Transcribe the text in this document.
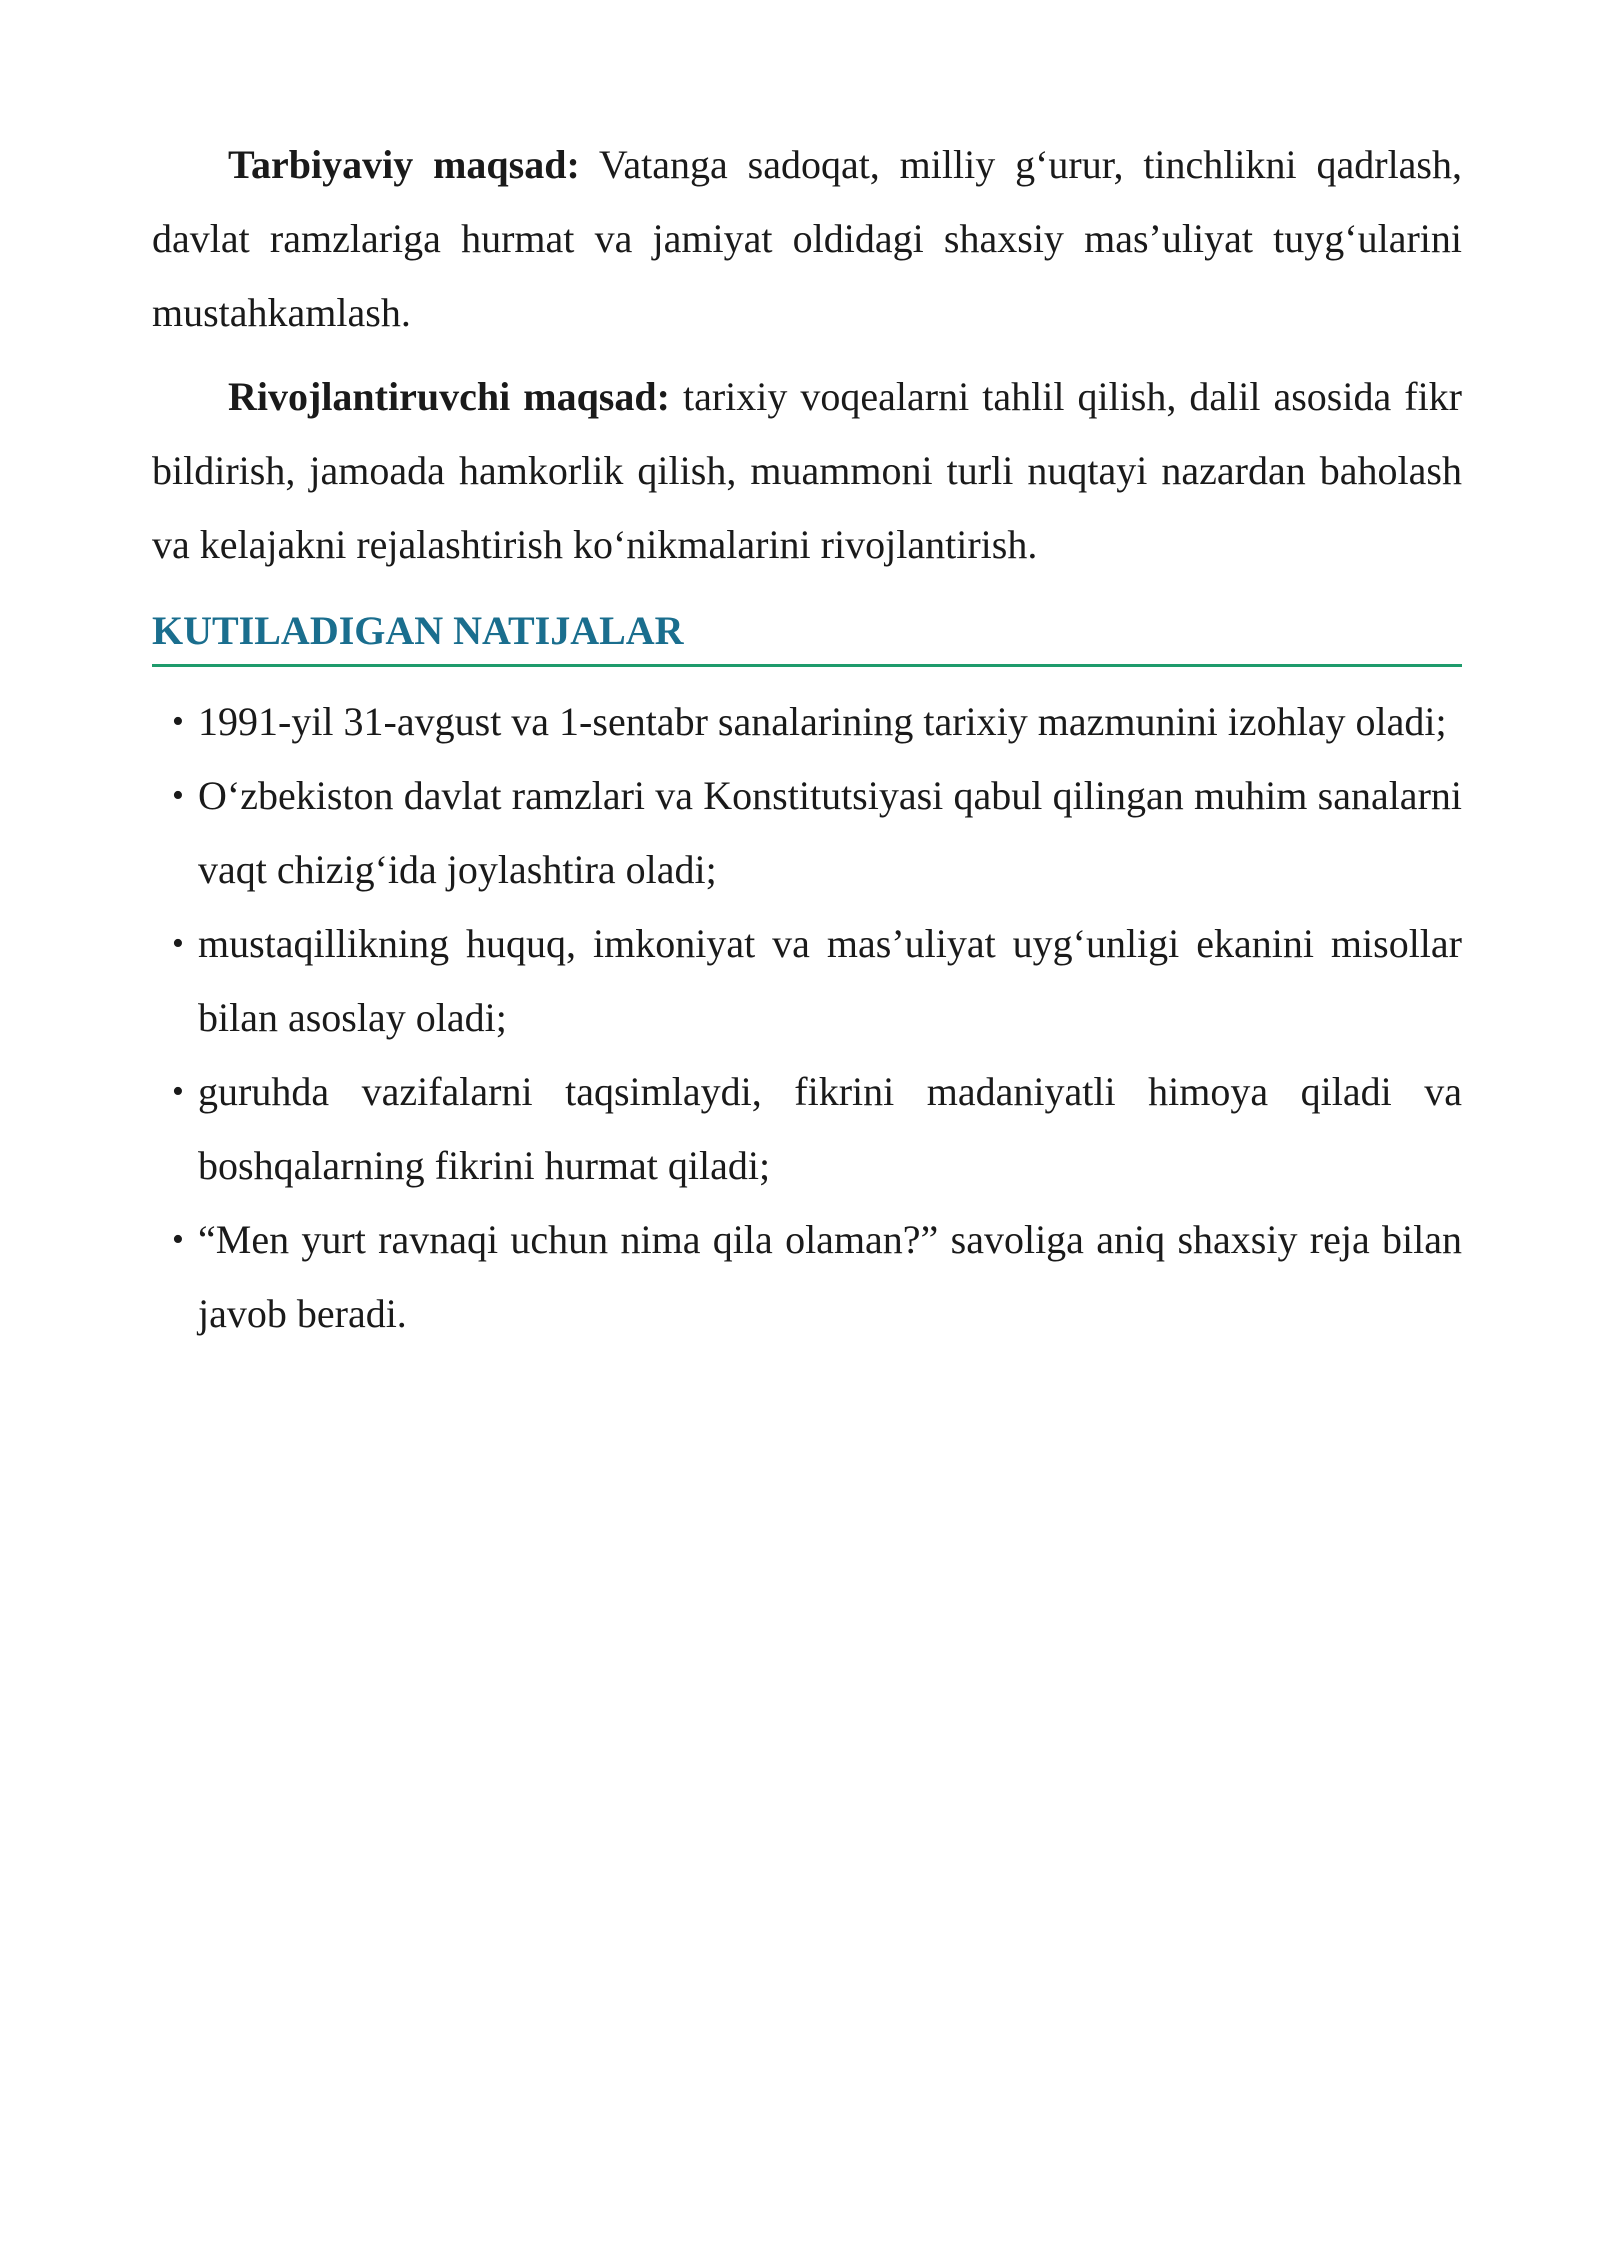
Tarbiyaviy maqsad: Vatanga sadoqat, milliy g‘urur, tinchlikni qadrlash, davlat ramzlariga hurmat va jamiyat oldidagi shaxsiy mas’uliyat tuyg‘ularini mustahkamlash.

Rivojlantiruvchi maqsad: tarixiy voqealarni tahlil qilish, dalil asosida fikr bildirish, jamoada hamkorlik qilish, muammoni turli nuqtayi nazardan baholash va kelajakni rejalashtirish ko‘nikmalarini rivojlantirish.

KUTILADIGAN NATIJALAR
• 1991-yil 31-avgust va 1-sentabr sanalarining tarixiy mazmunini izohlay oladi;
• O‘zbekiston davlat ramzlari va Konstitutsiyasi qabul qilingan muhim sanalarni vaqt chizig‘ida joylashtira oladi;
• mustaqillikning huquq, imkoniyat va mas’uliyat uyg‘unligi ekanini misollar bilan asoslay oladi;
• guruhda vazifalarni taqsimlaydi, fikrini madaniyatli himoya qiladi va boshqalarning fikrini hurmat qiladi;
• “Men yurt ravnaqi uchun nima qila olaman?” savoliga aniq shaxsiy reja bilan javob beradi.
